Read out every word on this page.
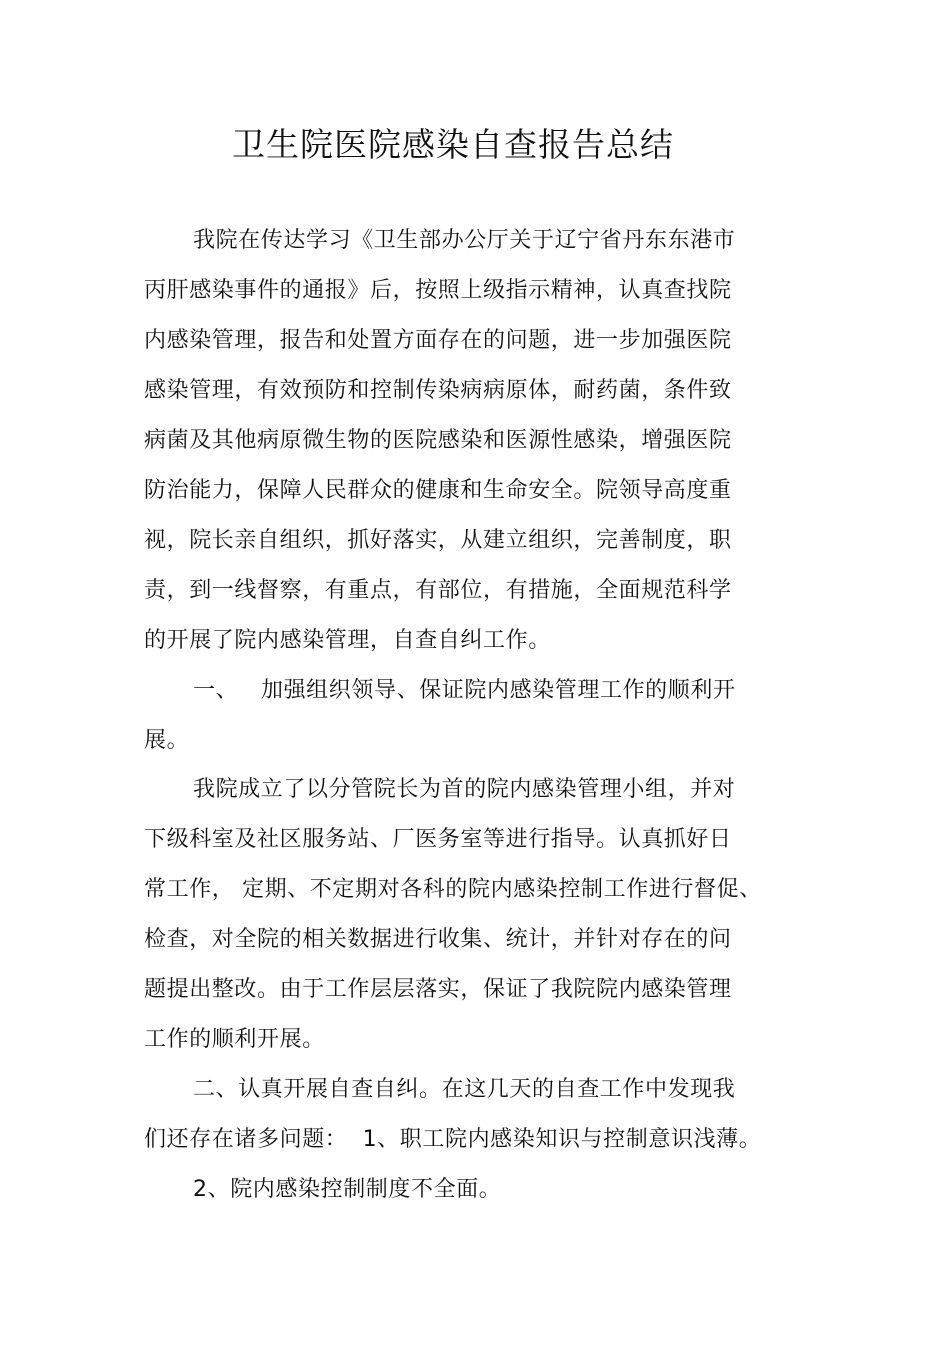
卫生院医院感染自查报告总结
我院在传达学习《卫生部办公厅关于辽宁省丹东东港市
丙肝感染事件的通报》后，按照上级指示精神，认真查找院
内感染管理，报告和处置方面存在的问题，进一步加强医院
感染管理，有效预防和控制传染病病原体，耐药菌，条件致
病菌及其他病原微生物的医院感染和医源性感染，增强医院
防治能力，保障人民群众的健康和生命安全。院领导高度重
视，院长亲自组织，抓好落实，从建立组织，完善制度，职
责，到一线督察，有重点，有部位，有措施，全面规范科学
的开展了院内感染管理，自查自纠工作。
一、   加强组织领导、保证院内感染管理工作的顺利开
展。
我院成立了以分管院长为首的院内感染管理小组，并对
下级科室及社区服务站、厂医务室等进行指导。认真抓好日
常工作， 定期、不定期对各科的院内感染控制工作进行督促、
检查，对全院的相关数据进行收集、统计，并针对存在的问
题提出整改。由于工作层层落实，保证了我院院内感染管理
工作的顺利开展。
二、认真开展自查自纠。在这几天的自查工作中发现我
们还存在诸多问题：  1、职工院内感染知识与控制意识浅薄。
2、院内感染控制制度不全面。
